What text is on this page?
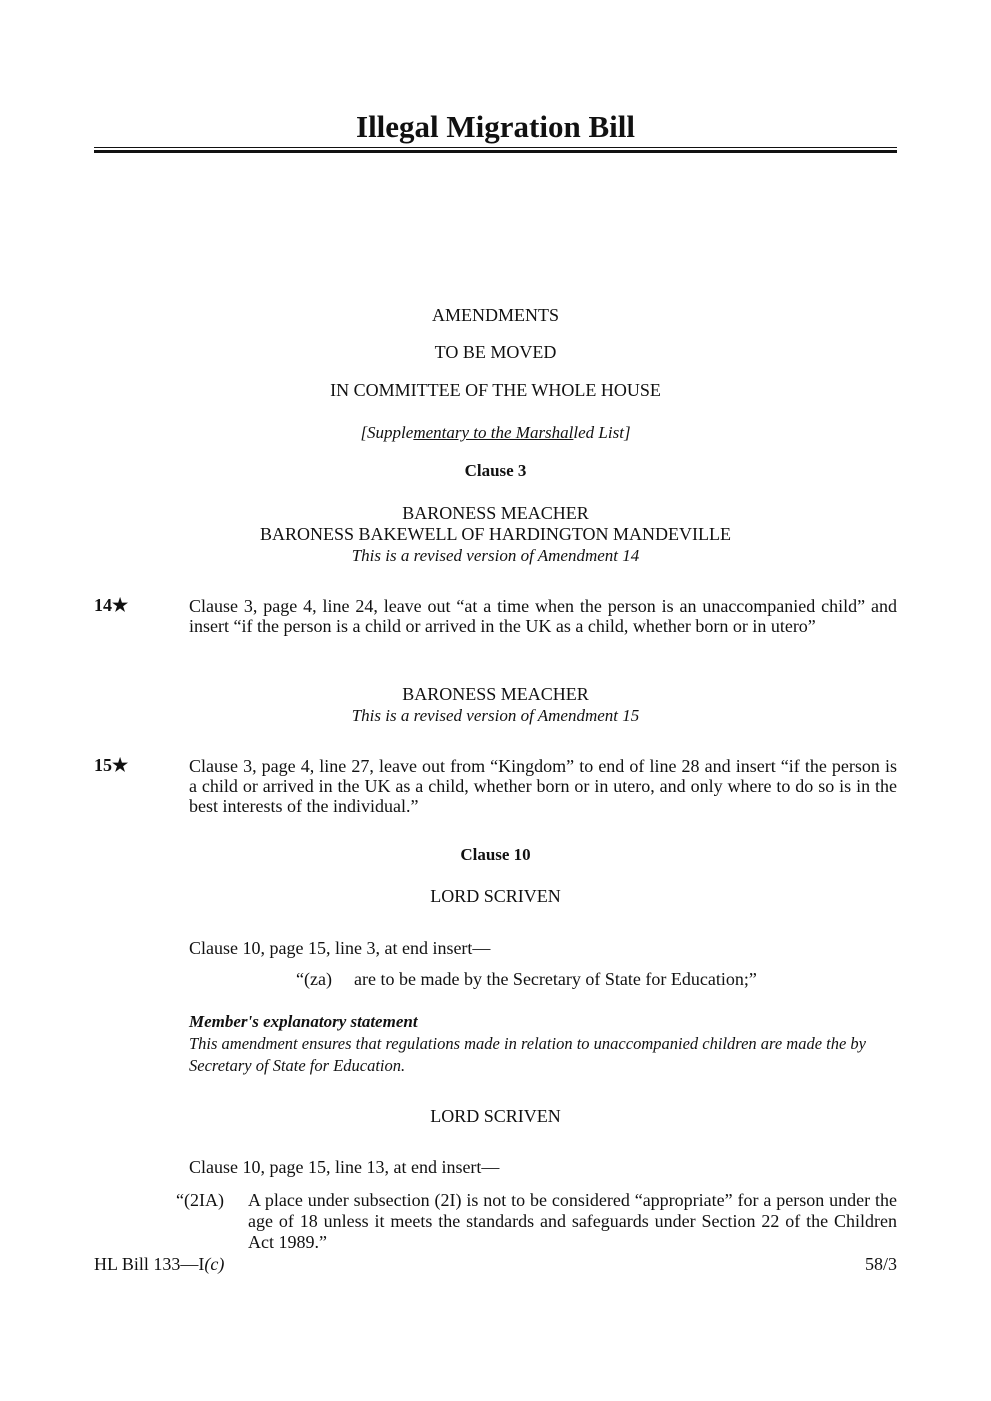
Illegal Migration Bill
AMENDMENTS
TO BE MOVED
IN COMMITTEE OF THE WHOLE HOUSE
[Supplementary to the Marshalled List]
Clause 3
BARONESS MEACHER
BARONESS BAKEWELL OF HARDINGTON MANDEVILLE
This is a revised version of Amendment 14
14★	Clause 3, page 4, line 24, leave out “at a time when the person is an unaccompanied child” and insert “if the person is a child or arrived in the UK as a child, whether born or in utero”
BARONESS MEACHER
This is a revised version of Amendment 15
15★	Clause 3, page 4, line 27, leave out from “Kingdom” to end of line 28 and insert “if the person is a child or arrived in the UK as a child, whether born or in utero, and only where to do so is in the best interests of the individual.”
Clause 10
LORD SCRIVEN
Clause 10, page 15, line 3, at end insert—
“(za) are to be made by the Secretary of State for Education;”
Member's explanatory statement
This amendment ensures that regulations made in relation to unaccompanied children are made the by Secretary of State for Education.
LORD SCRIVEN
Clause 10, page 15, line 13, at end insert—
“(2IA) A place under subsection (2I) is not to be considered “appropriate” for a person under the age of 18 unless it meets the standards and safeguards under Section 22 of the Children Act 1989.”
HL Bill 133—I(c)	58/3
